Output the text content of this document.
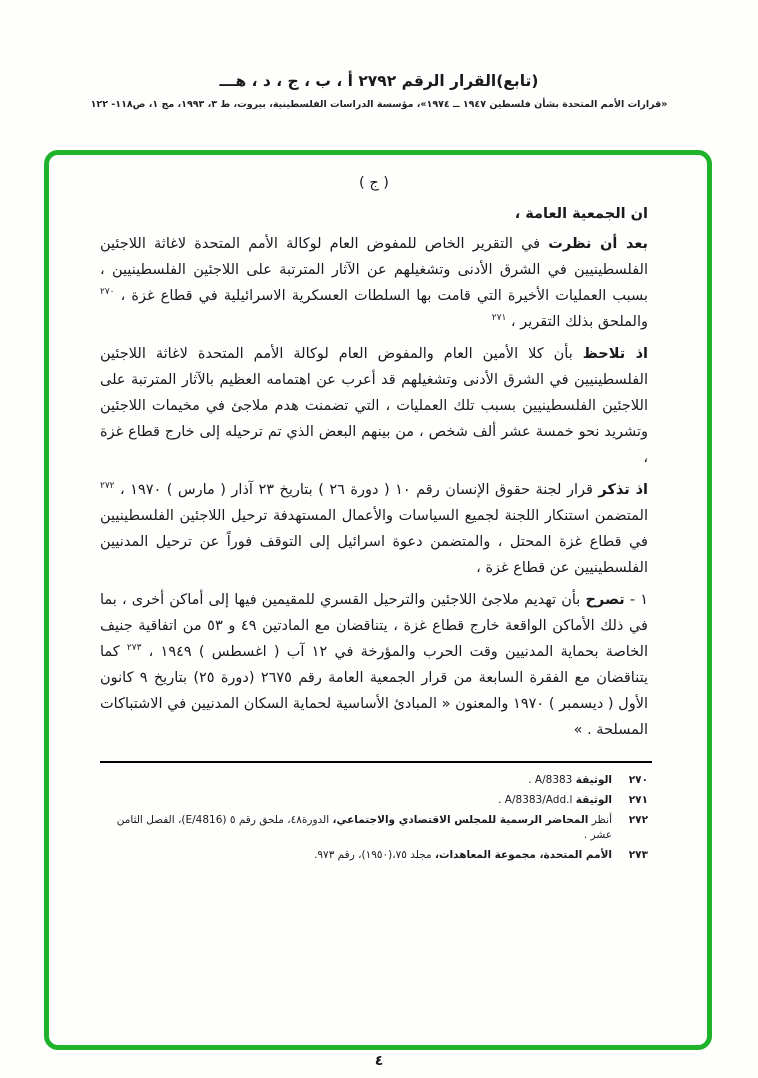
(تابع)القرار الرقم ٢٧٩٢ أ ، ب ، ج ، د ، هـــ
«قرارات الأمم المتحدة بشأن فلسطين ١٩٤٧ ــ ١٩٧٤»، مؤسسة الدراسات الفلسطينية، بيروت، ط ٣، ١٩٩٣، مج ١، ص١١٨- ١٢٢
( ج )
ان الجمعية العامة ،

بعد أن نظرت في التقرير الخاص للمفوض العام لوكالة الأمم المتحدة لاغاثة اللاجئين الفلسطينيين في الشرق الأدنى وتشغيلهم عن الآثار المترتبة على اللاجئين الفلسطينيين ، بسبب العمليات الأخيرة التي قامت بها السلطات العسكرية الاسرائيلية في قطاع غزة ، $^{٢٧٠}$ والملحق بذلك التقرير ، $^{٢٧١}$

اذ تلاحظ بأن كلا الأمين العام والمفوض العام لوكالة الأمم المتحدة لاغاثة اللاجئين الفلسطينيين في الشرق الأدنى وتشغيلهم قد أعرب عن اهتمامه العظيم بالآثار المترتبة على اللاجئين الفلسطينيين بسبب تلك العمليات ، التي تضمنت هدم ملاجئ في مخيمات اللاجئين وتشريد نحو خمسة عشر ألف شخص ، من بينهم البعض الذي تم ترحيله إلى خارج قطاع غزة ،

اذ تذكر قرار لجنة حقوق الإنسان رقم ١٠ ( دورة ٢٦ ) بتاريخ ٢٣ آذار ( مارس ) ١٩٧٠ ، $^{٢٧٢}$ المتضمن استنكار اللجنة لجميع السياسات والأعمال المستهدفة ترحيل اللاجئين الفلسطينيين في قطاع غزة المحتل ، والمتضمن دعوة اسرائيل إلى التوقف فوراً عن ترحيل المدنيين الفلسطينيين عن قطاع غزة ،

١ - تصرح بأن تهديم ملاجئ اللاجئين والترحيل القسري للمقيمين فيها إلى أماكن أخرى ، بما في ذلك الأماكن الواقعة خارج قطاع غزة ، يتناقضان مع المادتين ٤٩ و ٥٣ من اتفاقية جنيف الخاصة بحماية المدنيين وقت الحرب والمؤرخة في ١٢ آب ( اغسطس ) ١٩٤٩ ، $^{٢٧٣}$ كما يتناقضان مع الفقرة السابعة من قرار الجمعية العامة رقم ٢٦٧٥ (دورة ٢٥) بتاريخ ٩ كانون الأول ( ديسمبر ) ١٩٧٠ والمعنون « المبادئ الأساسية لحماية السكان المدنيين في الاشتباكات المسلحة . »

٢٧٠
الوثيقة A/8383 .
٢٧١
الوثيقة A/8383/Add.l .
٢٧٢
أنظر المحاضر الرسمية للمجلس الاقتصادي والاجتماعي، الدورة٤٨، ملحق رقم ٥ (E/4816)، الفصل الثامن عشر .
٢٧٣
الأمم المتحدة، مجموعة المعاهدات، مجلد ٧٥،(١٩٥٠)، رقم ٩٧٣.
٤
